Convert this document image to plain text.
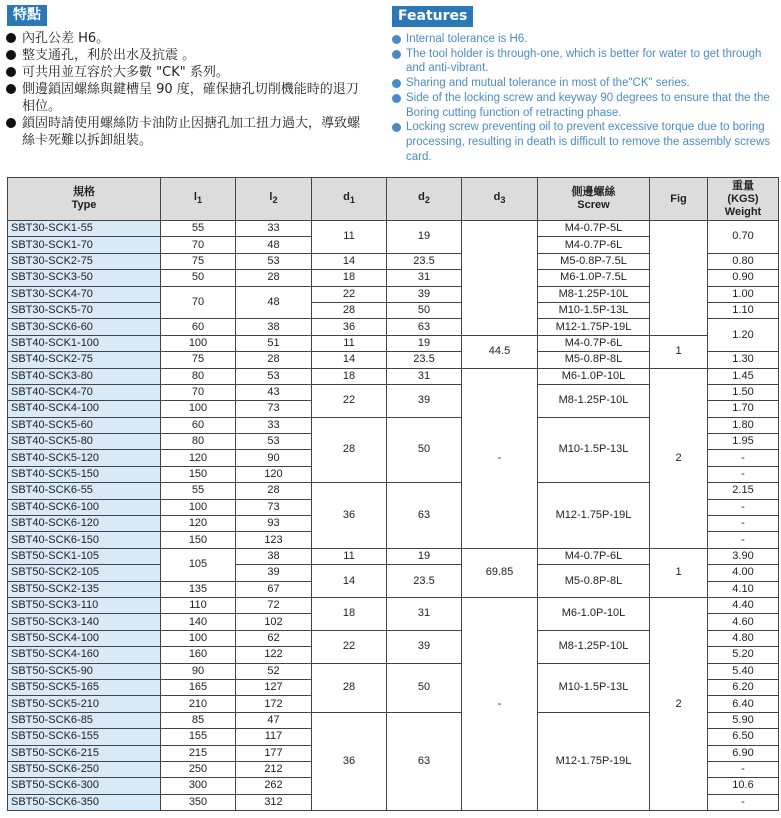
特點
內孔公差 H6。
整支通孔，利於出水及抗震 。
可共用並互容於大多數 "CK" 系列。
側邊鎖固螺絲與鍵槽呈 90 度，確保搪孔切削機能時的退刀相位。
鎖固時請使用螺絲防卡油防止因搪孔加工扭力過大，導致螺絲卡死難以拆卸組裝。
Features
Internal tolerance is H6.
The tool holder is through-one, which is better for water to get through and anti-vibrant.
Sharing and mutual tolerance in most of the"CK" series.
Side of the locking screw and keyway 90 degrees to ensure that the the Boring cutting function of retracting phase.
Locking screw preventing oil to prevent excessive torque due to boring processing, resulting in death is difficult to remove the assembly screws card.
規格
Type	$l_1$	$l_2$	$d_1$	$d_2$	$d_3$	側邊螺絲
Screw	Fig	重量
(KGS)
Weight
SBT30-SCK1-55	55	33	11	19		M4-0.7P-5L		0.70
SBT30-SCK1-70	70	48				M4-0.7P-6L		
SBT30-SCK2-75	75	53	14	23.5		M5-0.8P-7.5L		0.80
SBT30-SCK3-50	50	28	18	31		M6-1.0P-7.5L		0.90
SBT30-SCK4-70	70	48	22	39		M8-1.25P-10L		1.00
SBT30-SCK5-70			28	50		M10-1.5P-13L		1.10
SBT30-SCK6-60	60	38	36	63		M12-1.75P-19L		1.20
SBT40-SCK1-100	100	51	11	19	44.5	M4-0.7P-6L	1	
SBT40-SCK2-75	75	28	14	23.5		M5-0.8P-8L		1.30
SBT40-SCK3-80	80	53	18	31	-	M6-1.0P-10L	2	1.45
SBT40-SCK4-70	70	43	22	39		M8-1.25P-10L		1.50
SBT40-SCK4-100	100	73						1.70
SBT40-SCK5-60	60	33	28	50		M10-1.5P-13L		1.80
SBT40-SCK5-80	80	53						1.95
SBT40-SCK5-120	120	90						-
SBT40-SCK5-150	150	120						-
SBT40-SCK6-55	55	28	36	63		M12-1.75P-19L		2.15
SBT40-SCK6-100	100	73						-
SBT40-SCK6-120	120	93						-
SBT40-SCK6-150	150	123						-
SBT50-SCK1-105	105	38	11	19	69.85	M4-0.7P-6L	1	3.90
SBT50-SCK2-105		39	14	23.5		M5-0.8P-8L		4.00
SBT50-SCK2-135	135	67						4.10
SBT50-SCK3-110	110	72	18	31	-	M6-1.0P-10L	2	4.40
SBT50-SCK3-140	140	102						4.60
SBT50-SCK4-100	100	62	22	39		M8-1.25P-10L		4.80
SBT50-SCK4-160	160	122						5.20
SBT50-SCK5-90	90	52	28	50		M10-1.5P-13L		5.40
SBT50-SCK5-165	165	127						6.20
SBT50-SCK5-210	210	172						6.40
SBT50-SCK6-85	85	47	36	63		M12-1.75P-19L		5.90
SBT50-SCK6-155	155	117						6.50
SBT50-SCK6-215	215	177						6.90
SBT50-SCK6-250	250	212						-
SBT50-SCK6-300	300	262						10.6
SBT50-SCK6-350	350	312						-
